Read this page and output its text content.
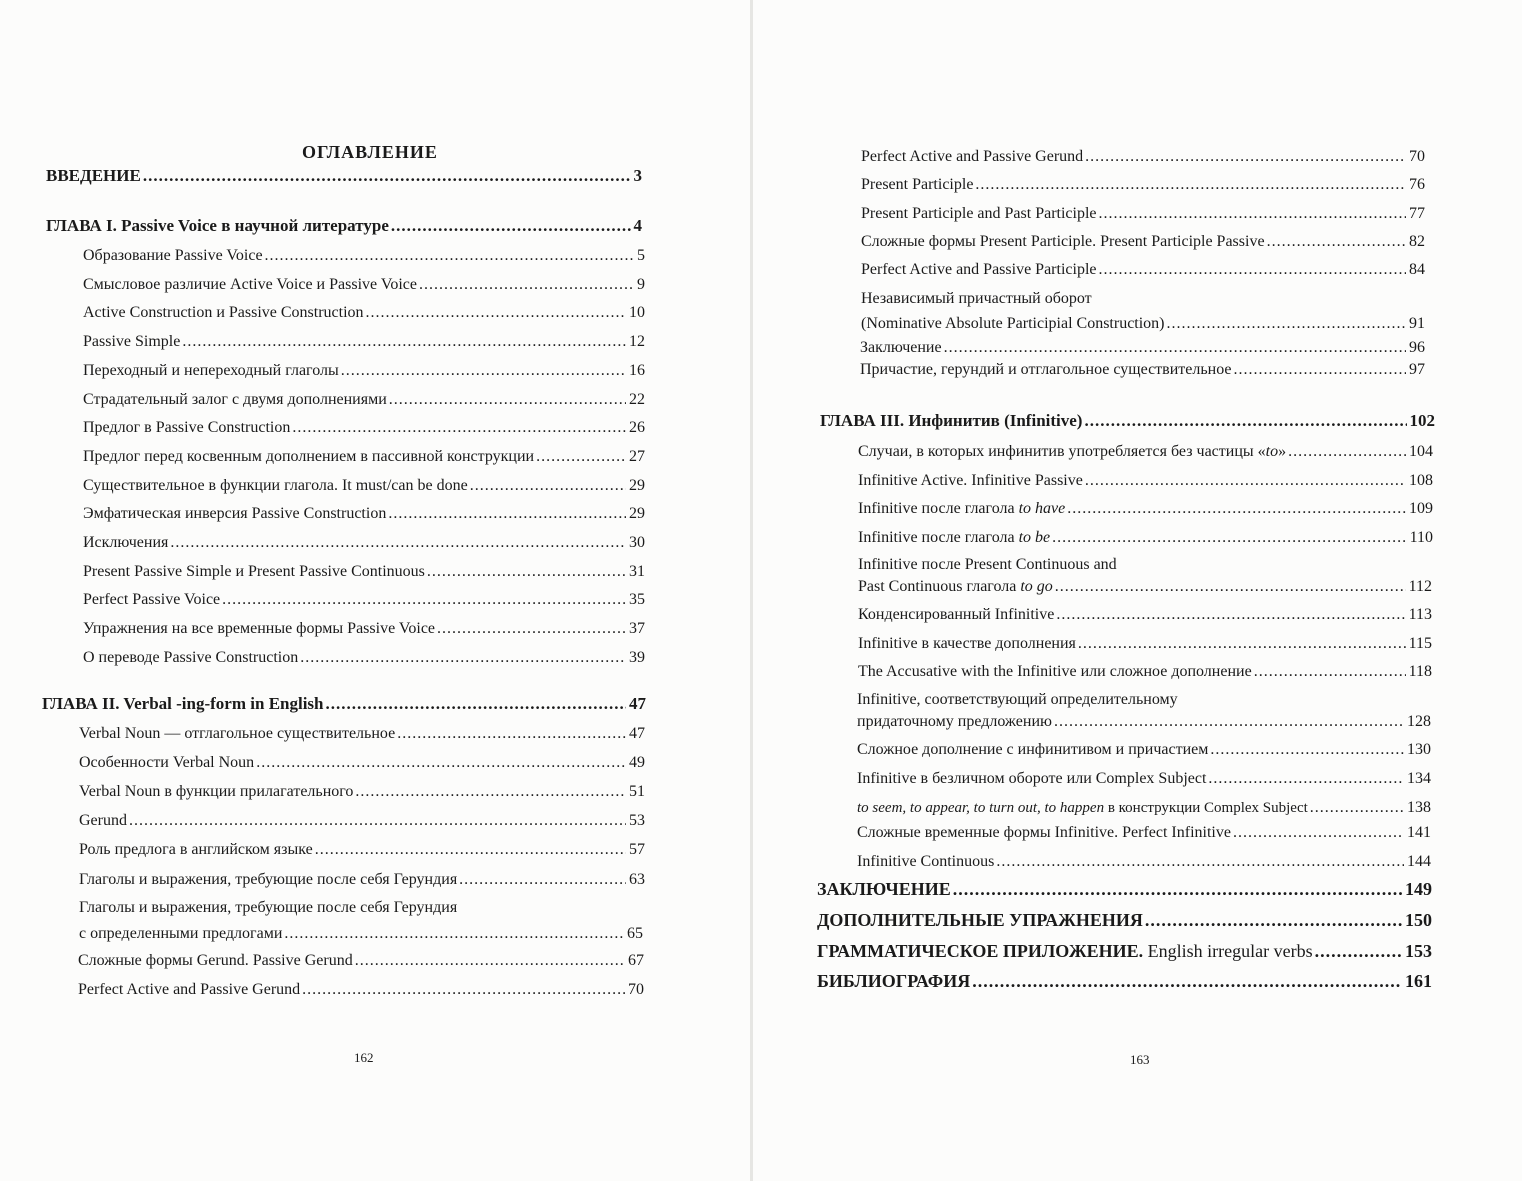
ОГЛАВЛЕНИЕ
ВВЕДЕНИЕ .....	3
ГЛАВА I. Passive Voice в научной литературе .....	4
Образование Passive Voice .....	5
Смысловое различие Active Voice и Passive Voice .....	9
Active Construction и Passive Construction .....	10
Passive Simple .....	12
Переходный и непереходный глаголы .....	16
Страдательный залог с двумя дополнениями .....	22
Предлог в Passive Construction .....	26
Предлог перед косвенным дополнением в пассивной конструкции .....	27
Существительное в функции глагола. It must/can be done .....	29
Эмфатическая инверсия Passive Construction .....	29
Исключения .....	30
Present Passive Simple и Present Passive Continuous .....	31
Perfect Passive Voice .....	35
Упражнения на все временные формы Passive Voice .....	37
О переводе Passive Construction .....	39
ГЛАВА II. Verbal -ing-form in English .....	47
Verbal Noun — отглагольное существительное .....	47
Особенности Verbal Noun .....	49
Verbal Noun в функции прилагательного .....	51
Gerund .....	53
Роль предлога в английском языке .....	57
Глаголы и выражения, требующие после себя Герундия .....	63
Глаголы и выражения, требующие после себя Герундия
с определенными предлогами .....	65
Сложные формы Gerund. Passive Gerund .....	67
Perfect Active and Passive Gerund .....	70
162
Perfect Active and Passive Gerund .....	70
Present Participle .....	76
Present Participle and Past Participle .....	77
Сложные формы Present Participle. Present Participle Passive .....	82
Perfect Active and Passive Participle .....	84
Независимый причастный оборот
(Nominative Absolute Participial Construction) .....	91
Заключение .....	96
Причастие, герундий и отглагольное существительное .....	97
ГЛАВА III. Инфинитив (Infinitive) .....	102
Случаи, в которых инфинитив употребляется без частицы «to» .....	104
Infinitive Active. Infinitive Passive .....	108
Infinitive после глагола to have .....	109
Infinitive после глагола to be .....	110
Infinitive после Present Continuous and
Past Continuous глагола to go .....	112
Конденсированный Infinitive .....	113
Infinitive в качестве дополнения .....	115
The Accusative with the Infinitive или сложное дополнение .....	118
Infinitive, соответствующий определительному
придаточному предложению .....	128
Сложное дополнение с инфинитивом и причастием .....	130
Infinitive в безличном обороте или Complex Subject .....	134
to seem, to appear, to turn out, to happen в конструкции Complex Subject .....	138
Сложные временные формы Infinitive. Perfect Infinitive .....	141
Infinitive Continuous .....	144
ЗАКЛЮЧЕНИЕ .....	149
ДОПОЛНИТЕЛЬНЫЕ УПРАЖНЕНИЯ .....	150
ГРАММАТИЧЕСКОЕ ПРИЛОЖЕНИЕ. English irregular verbs .....	153
БИБЛИОГРАФИЯ .....	161
163
